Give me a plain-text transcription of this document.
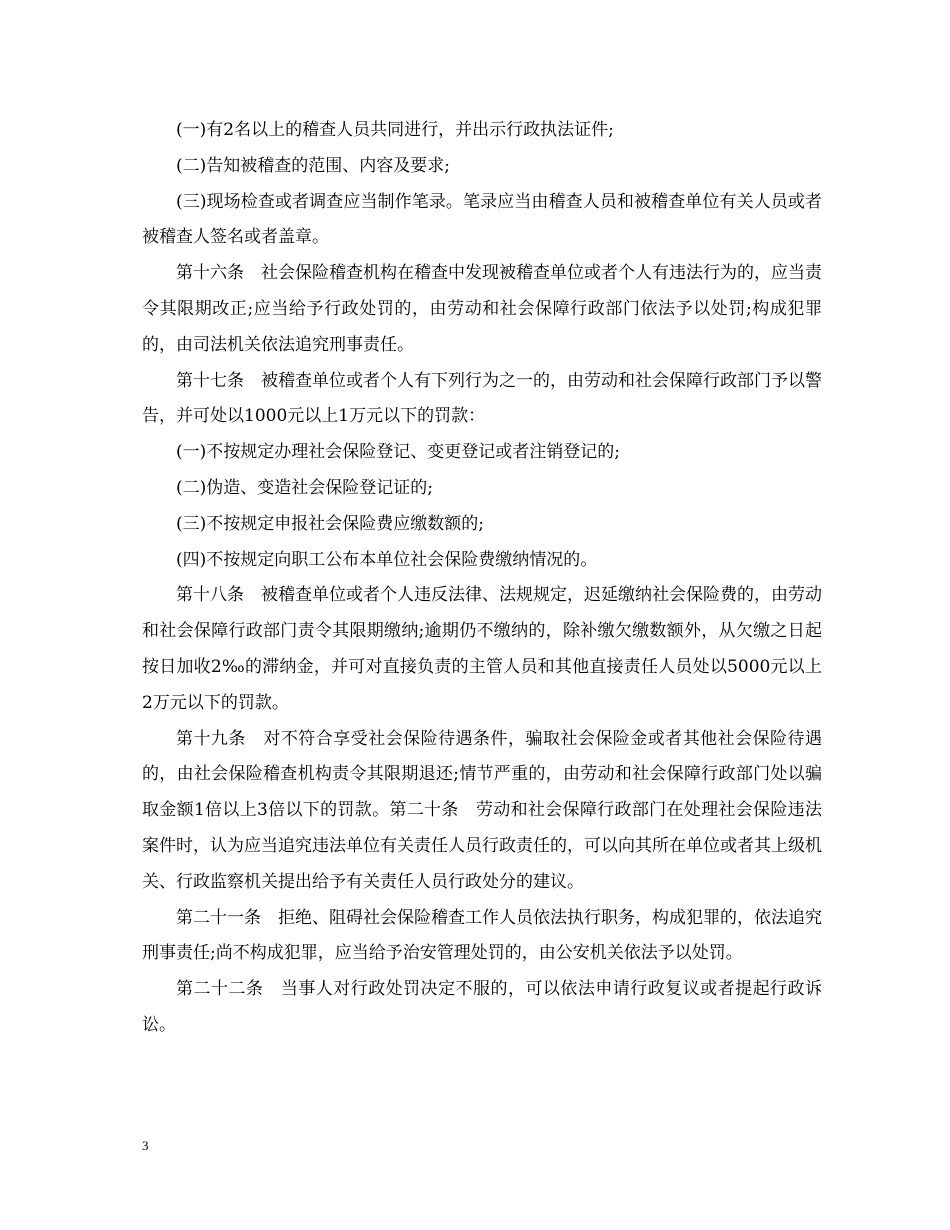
(一)有2名以上的稽查人员共同进行，并出示行政执法证件;

(二)告知被稽查的范围、内容及要求;

(三)现场检查或者调查应当制作笔录。笔录应当由稽查人员和被稽查单位有关人员或者被稽查人签名或者盖章。

第十六条　社会保险稽查机构在稽查中发现被稽查单位或者个人有违法行为的，应当责令其限期改正;应当给予行政处罚的，由劳动和社会保障行政部门依法予以处罚;构成犯罪的，由司法机关依法追究刑事责任。

第十七条　被稽查单位或者个人有下列行为之一的，由劳动和社会保障行政部门予以警告，并可处以1000元以上1万元以下的罚款：

(一)不按规定办理社会保险登记、变更登记或者注销登记的;

(二)伪造、变造社会保险登记证的;

(三)不按规定申报社会保险费应缴数额的;

(四)不按规定向职工公布本单位社会保险费缴纳情况的。

第十八条　被稽查单位或者个人违反法律、法规规定，迟延缴纳社会保险费的，由劳动和社会保障行政部门责令其限期缴纳;逾期仍不缴纳的，除补缴欠缴数额外，从欠缴之日起按日加收2‰的滞纳金，并可对直接负责的主管人员和其他直接责任人员处以5000元以上2万元以下的罚款。

第十九条　对不符合享受社会保险待遇条件，骗取社会保险金或者其他社会保险待遇的，由社会保险稽查机构责令其限期退还;情节严重的，由劳动和社会保障行政部门处以骗取金额1倍以上3倍以下的罚款。第二十条　劳动和社会保障行政部门在处理社会保险违法案件时，认为应当追究违法单位有关责任人员行政责任的，可以向其所在单位或者其上级机关、行政监察机关提出给予有关责任人员行政处分的建议。

第二十一条　拒绝、阻碍社会保险稽查工作人员依法执行职务，构成犯罪的，依法追究刑事责任;尚不构成犯罪，应当给予治安管理处罚的，由公安机关依法予以处罚。

第二十二条　当事人对行政处罚决定不服的，可以依法申请行政复议或者提起行政诉讼。

3
